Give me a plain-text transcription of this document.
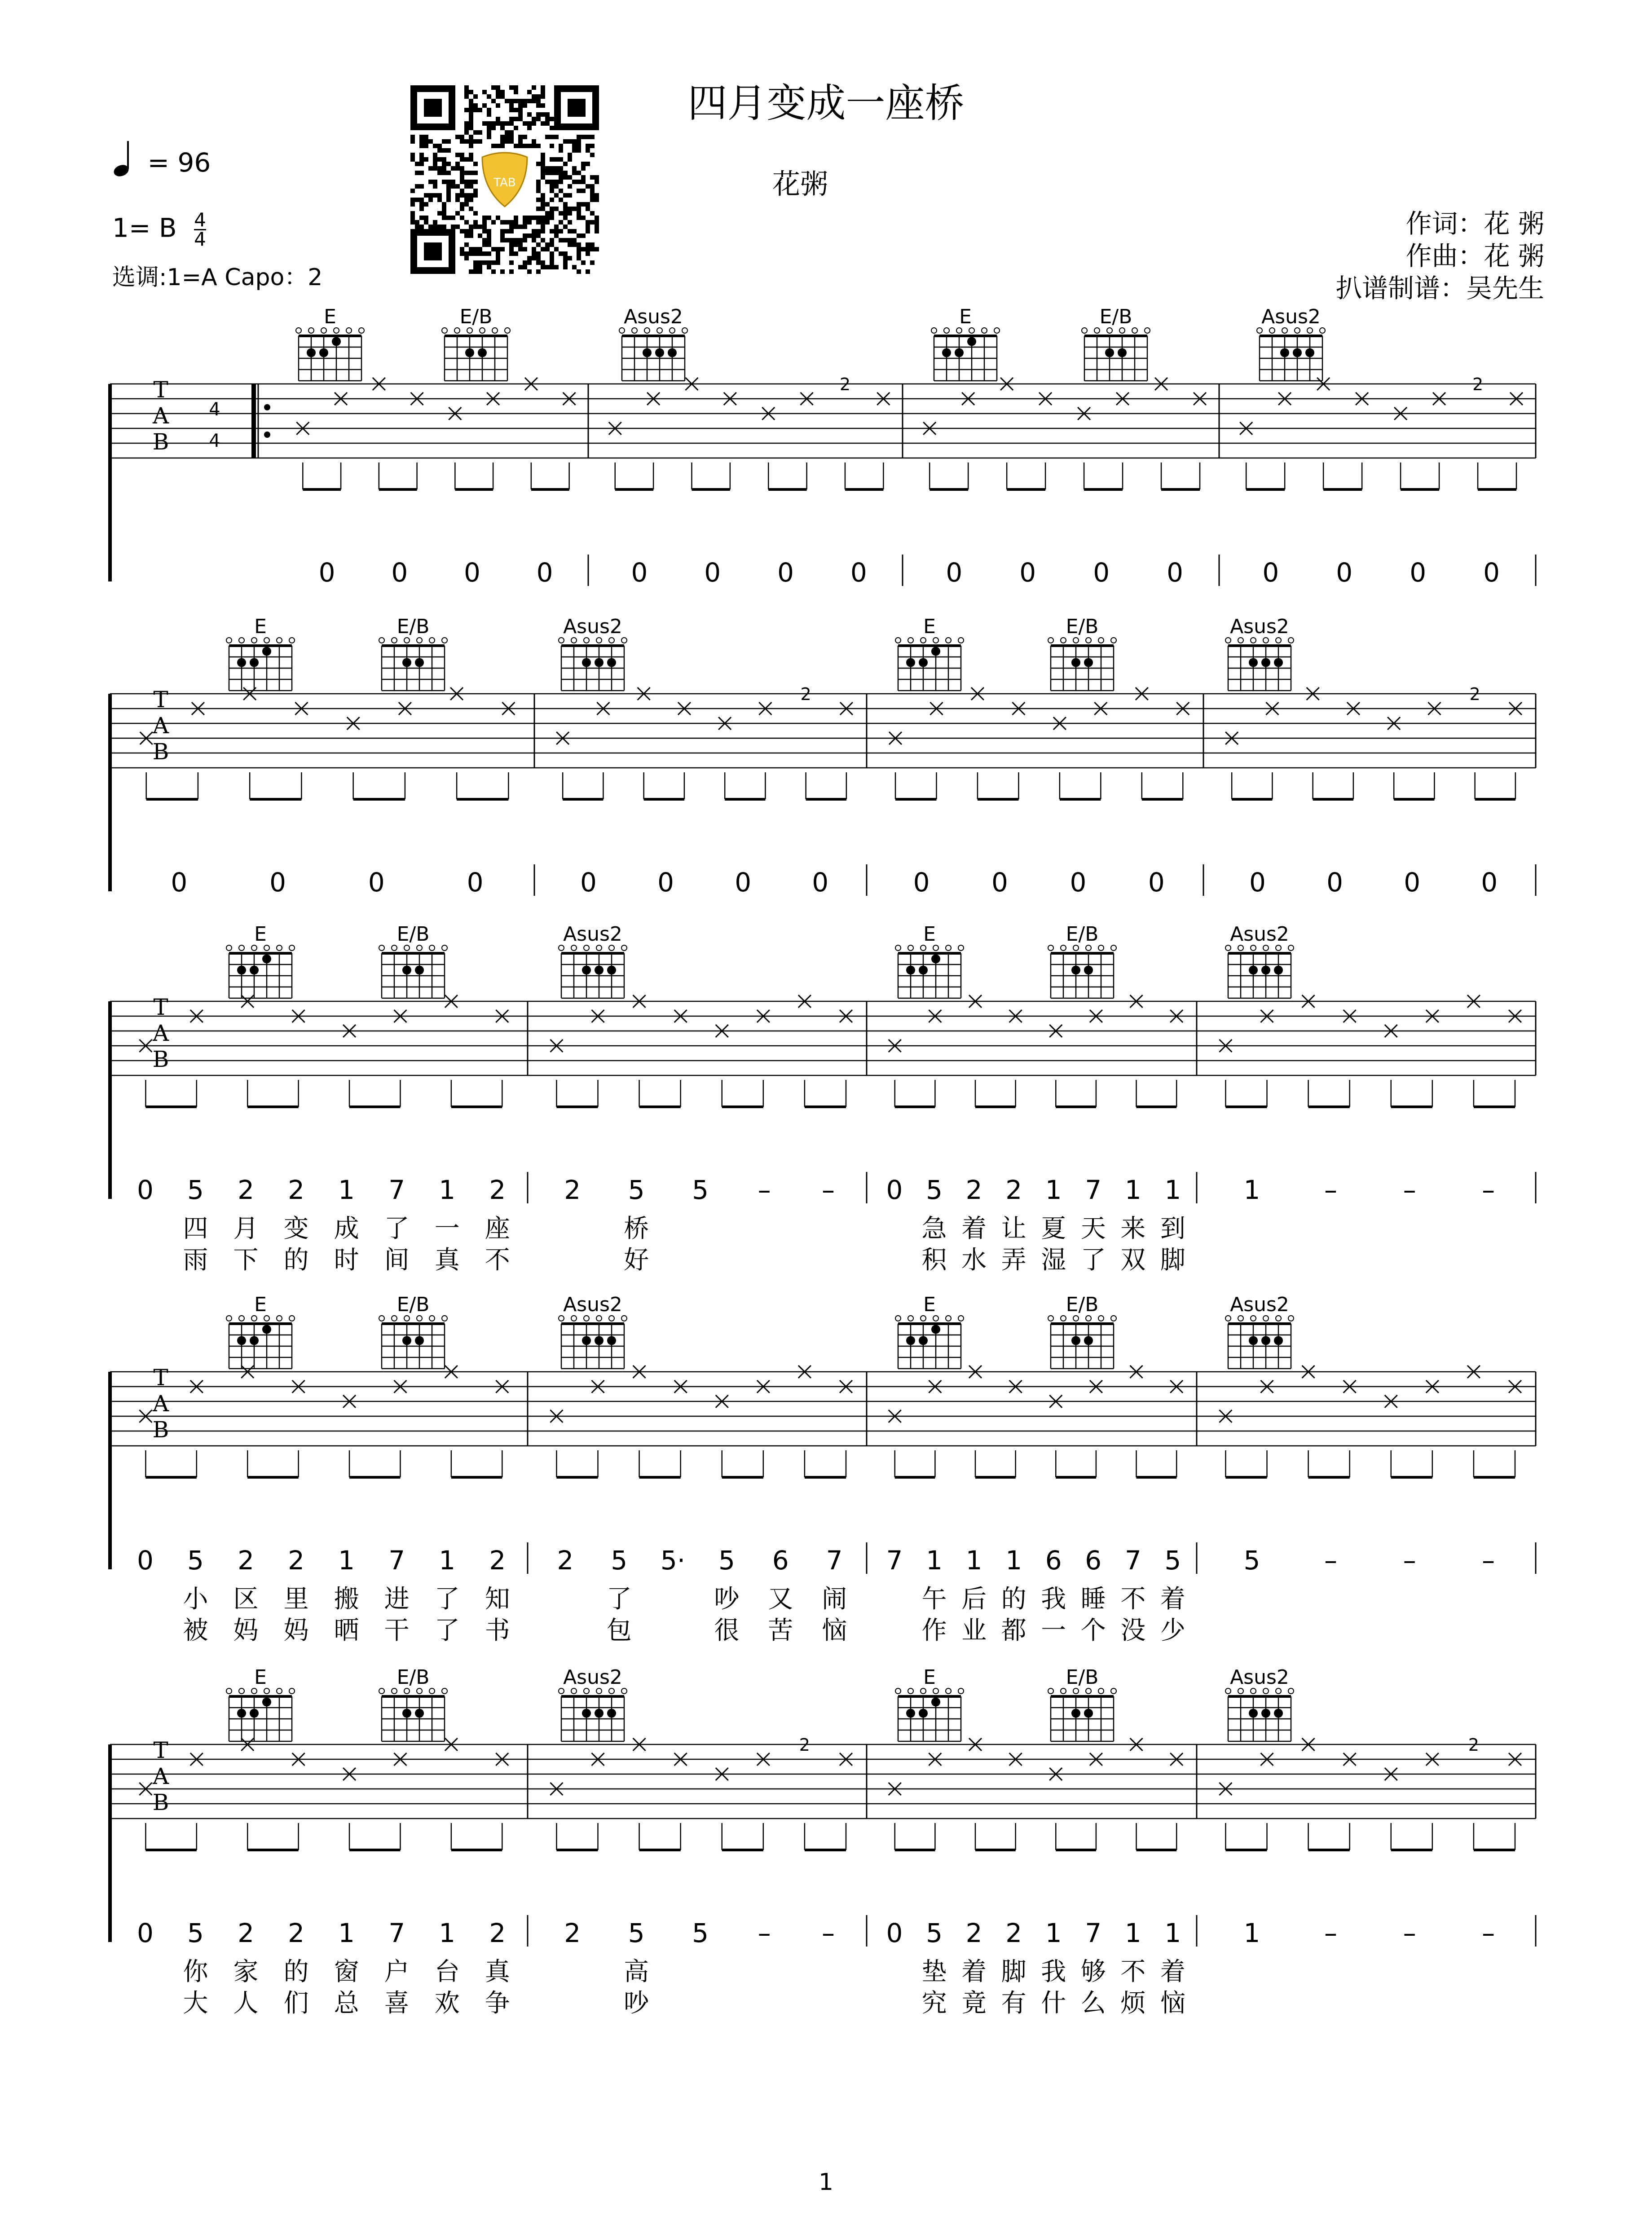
四月变成一座桥
花粥
= 96
1= B $\frac{4}{4}$
选调:1=A Capo：2
作词：花 粥
作曲：花 粥
扒谱制谱：吴先生
TAB
E	E/B	Asus2	E	E/B	Asus2
4
4
T
A
B
2	2
0 0 0 0	0 0 0 0	0 0 0 0	0 0 0 0
E	E/B	Asus2	E	E/B	Asus2
T
A
B
2	2
0	0	0	0	0 0 0 0	0 0 0 0	0 0 0 0
E	E/B	Asus2	E	E/B	Asus2
T
A
B
0 5 2 2 1 7 1 2 2 5 5 – – 0 5 2 2 1 7 1 1 1 –	–	–
四 月 变 成 了 一 座	桥	急 着 让 夏 天 来 到
雨 下 的 时 间 真 不	好	积 水 弄 湿 了 双 脚
E	E/B	Asus2	E	E/B	Asus2
T
A
B
0 5 2 2 1 7 1 2 2 5 5· 5 6 7 7 1 1 1 6 6 7 5 5 –	–	–
小 区 里 搬 进 了 知	了	吵 又 闹	午 后 的 我 睡 不 着
被 妈 妈 晒 干 了 书	包	很 苦 恼	作 业 都 一 个 没 少
E	E/B	Asus2	E	E/B	Asus2
T
A
B
2	2
0 5 2 2 1 7 1 2 2 5 5 – – 0 5 2 2 1 7 1 1 1 –	–	–
你 家 的 窗 户 台 真	高	垫 着 脚 我 够 不 着
大 人 们 总 喜 欢 争	吵	究 竟 有 什 么 烦 恼
1
